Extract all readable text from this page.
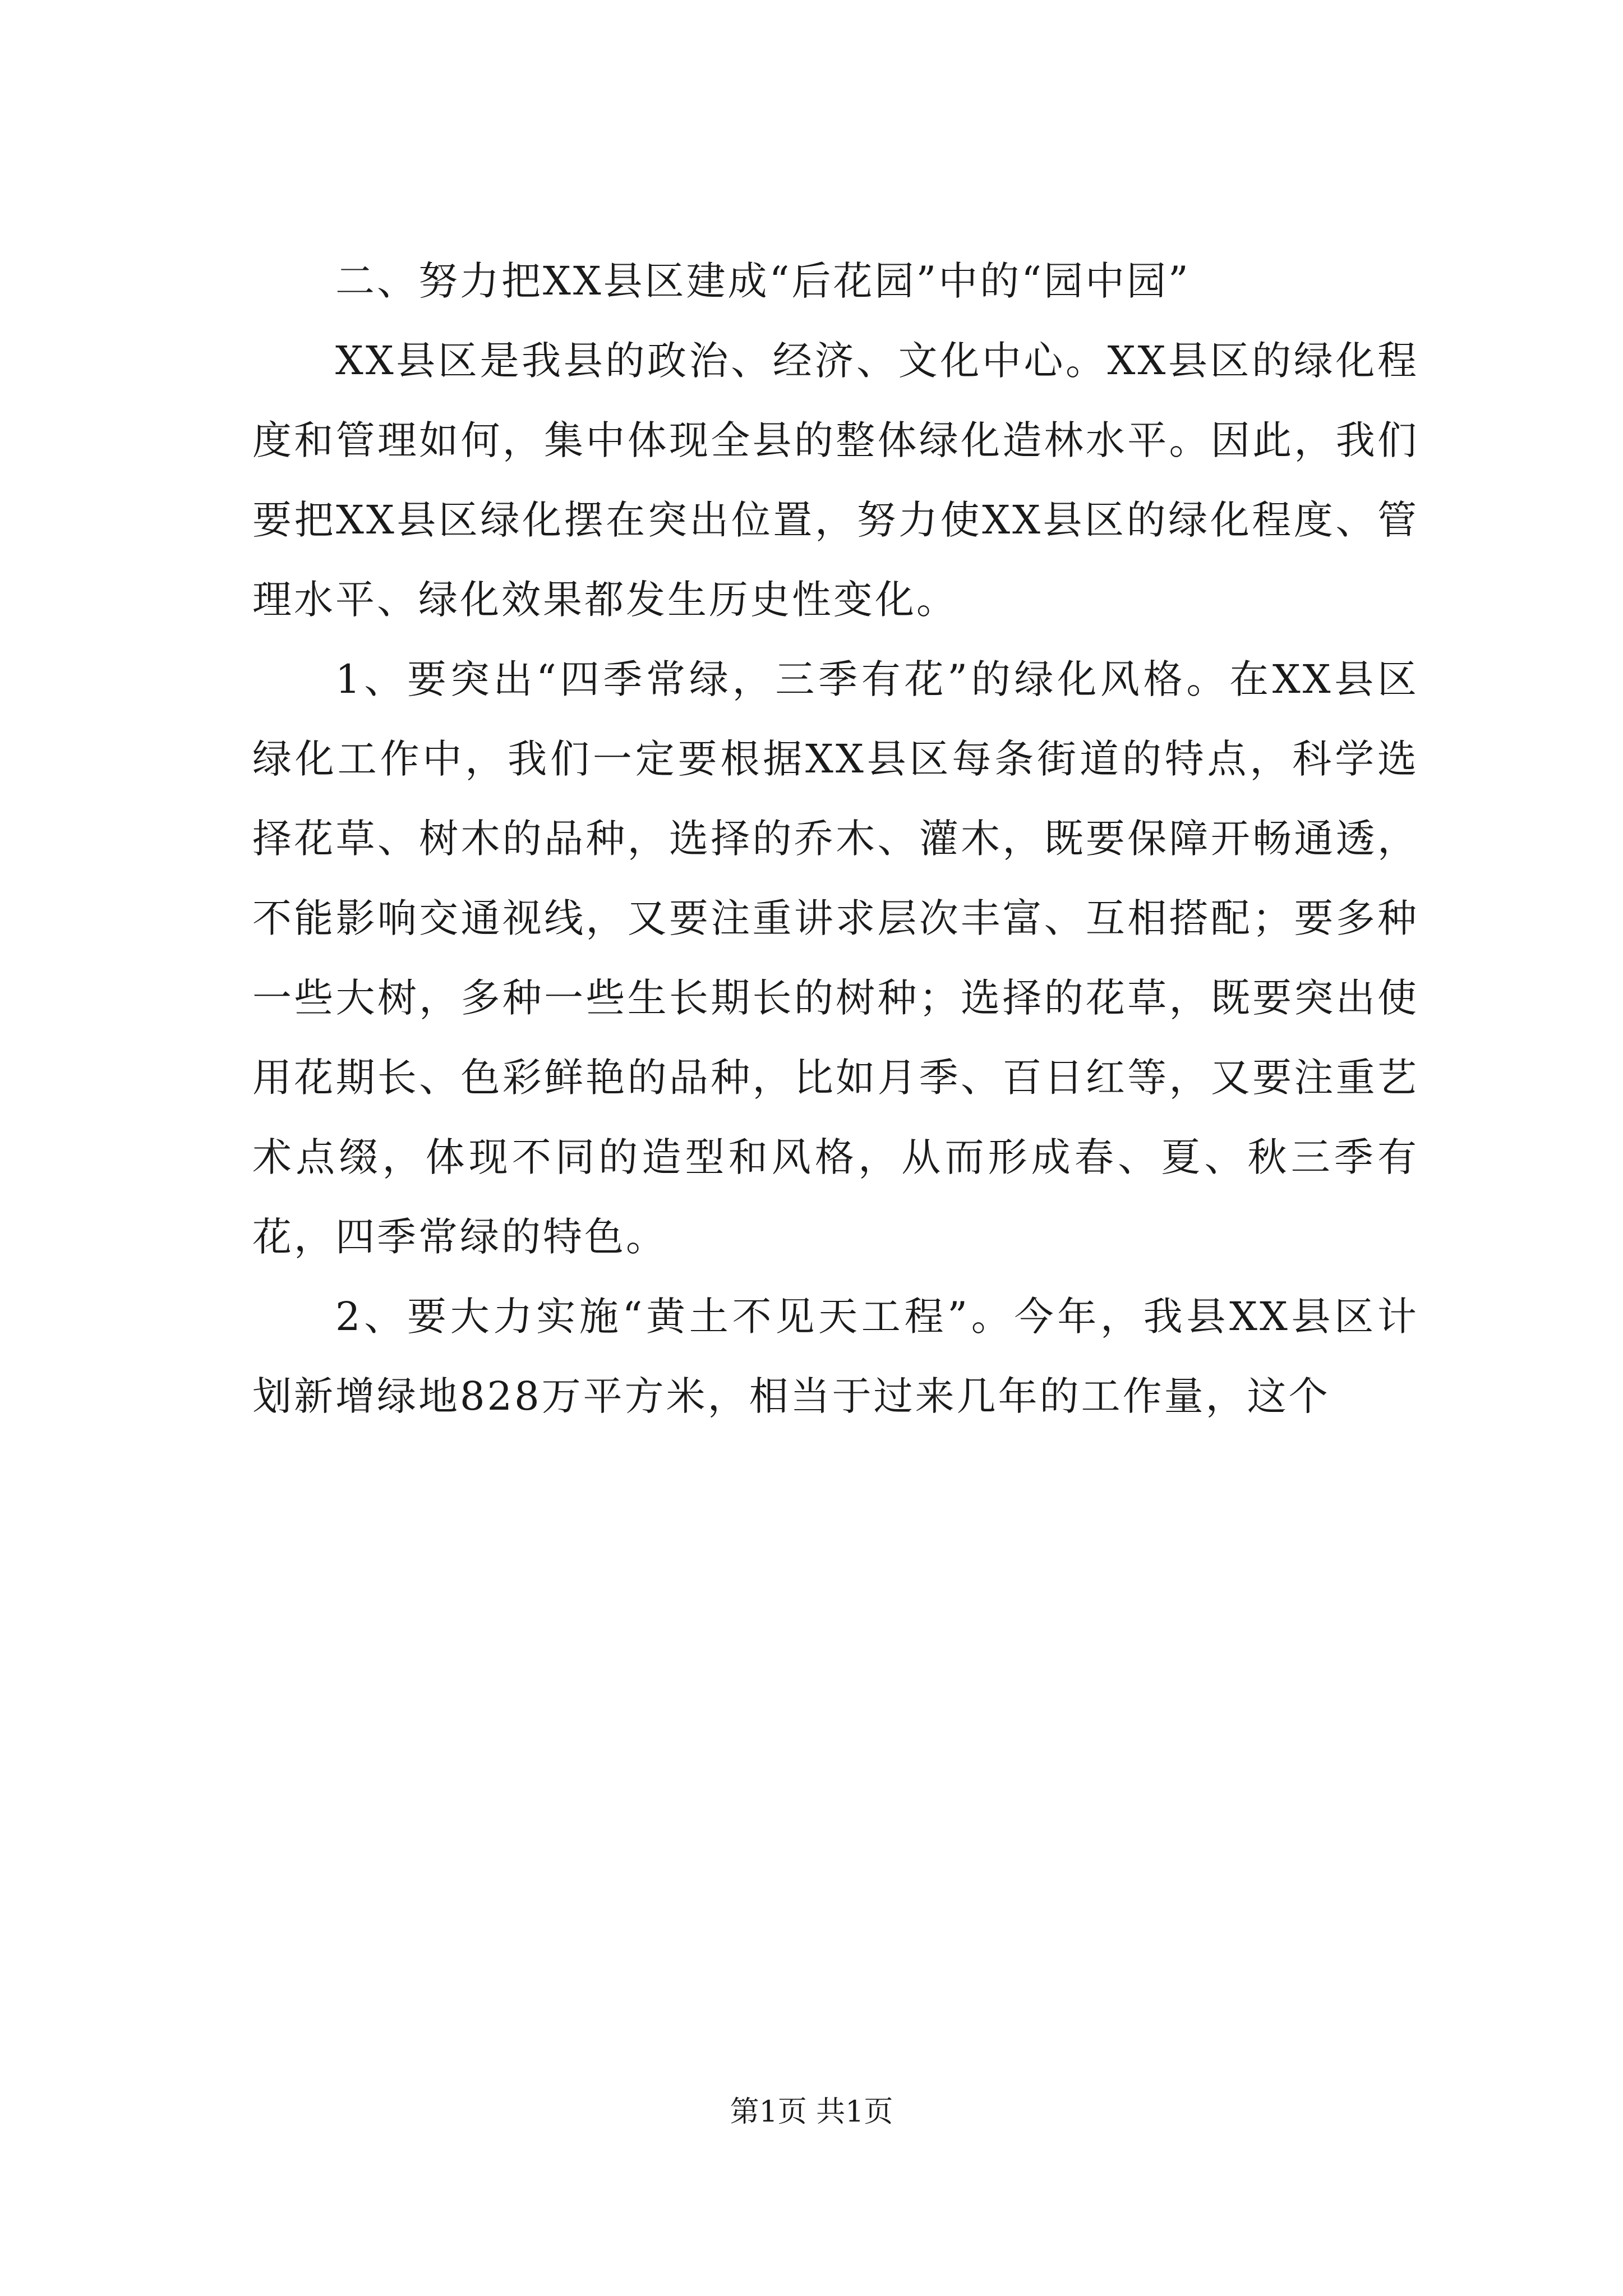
二、努力把XX县区建成“后花园”中的“园中园”

XX县区是我县的政治、经济、文化中心。XX县区的绿化程度和管理如何，集中体现全县的整体绿化造林水平。因此，我们要把XX县区绿化摆在突出位置，努力使XX县区的绿化程度、管理水平、绿化效果都发生历史性变化。

1、要突出“四季常绿，三季有花”的绿化风格。在XX县区绿化工作中，我们一定要根据XX县区每条街道的特点，科学选择花草、树木的品种，选择的乔木、灌木，既要保障开畅通透，不能影响交通视线，又要注重讲求层次丰富、互相搭配；要多种一些大树，多种一些生长期长的树种；选择的花草，既要突出使用花期长、色彩鲜艳的品种，比如月季、百日红等，又要注重艺术点缀，体现不同的造型和风格，从而形成春、夏、秋三季有花，四季常绿的特色。

2、要大力实施“黄土不见天工程”。今年，我县XX县区计划新增绿地828万平方米，相当于过来几年的工作量，这个

第1页 共1页
